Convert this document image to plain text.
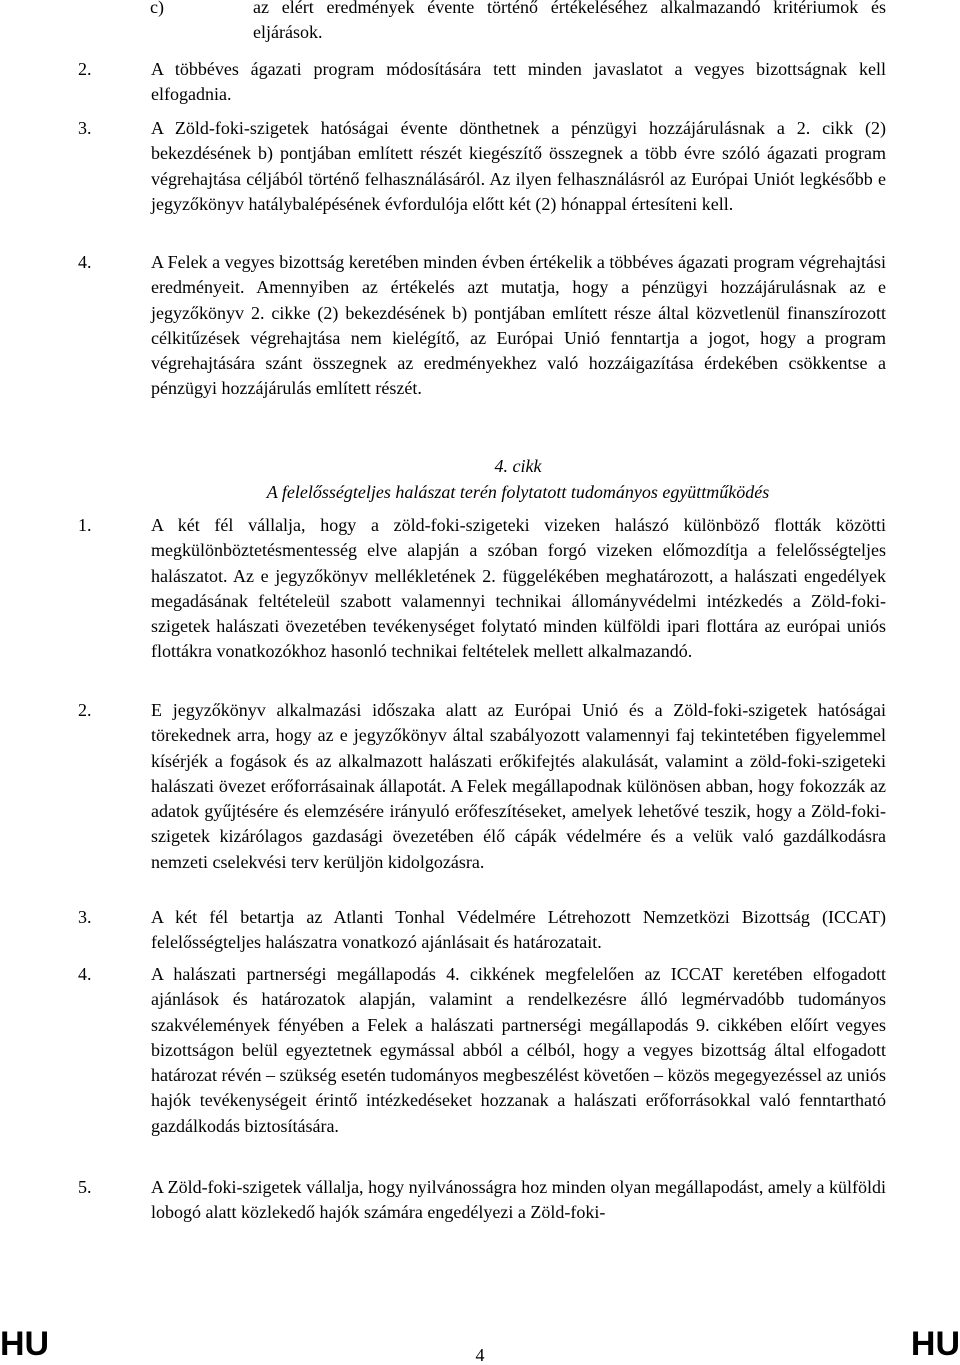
c)	az elért eredmények évente történő értékeléséhez alkalmazandó kritériumok és eljárások.
2.	A többéves ágazati program módosítására tett minden javaslatot a vegyes bizottságnak kell elfogadnia.
3.	A Zöld-foki-szigetek hatóságai évente dönthetnek a pénzügyi hozzájárulásnak a 2. cikk (2) bekezdésének b) pontjában említett részét kiegészítő összegnek a több évre szóló ágazati program végrehajtása céljából történő felhasználásáról. Az ilyen felhasználásról az Európai Uniót legkésőbb e jegyzőkönyv hatálybalépésének évfordulója előtt két (2) hónappal értesíteni kell.
4.	A Felek a vegyes bizottság keretében minden évben értékelik a többéves ágazati program végrehajtási eredményeit. Amennyiben az értékelés azt mutatja, hogy a pénzügyi hozzájárulásnak az e jegyzőkönyv 2. cikke (2) bekezdésének b) pontjában említett része által közvetlenül finanszírozott célkitűzések végrehajtása nem kielégítő, az Európai Unió fenntartja a jogot, hogy a program végrehajtására szánt összegnek az eredményekhez való hozzáigazítása érdekében csökkentse a pénzügyi hozzájárulás említett részét.
4. cikk
A felelősségteljes halászat terén folytatott tudományos együttműködés
1.	A két fél vállalja, hogy a zöld-foki-szigeteki vizeken halászó különböző flották közötti megkülönböztetésmentesség elve alapján a szóban forgó vizeken előmozdítja a felelősségteljes halászatot. Az e jegyzőkönyv mellékletének 2. függelékében meghatározott, a halászati engedélyek megadásának feltételeül szabott valamennyi technikai állományvédelmi intézkedés a Zöld-foki-szigetek halászati övezetében tevékenységet folytató minden külföldi ipari flottára az európai uniós flottákra vonatkozókhoz hasonló technikai feltételek mellett alkalmazandó.
2.	E jegyzőkönyv alkalmazási időszaka alatt az Európai Unió és a Zöld-foki-szigetek hatóságai törekednek arra, hogy az e jegyzőkönyv által szabályozott valamennyi faj tekintetében figyelemmel kísérjék a fogások és az alkalmazott halászati erőkifejtés alakulását, valamint a zöld-foki-szigeteki halászati övezet erőforrásainak állapotát. A Felek megállapodnak különösen abban, hogy fokozzák az adatok gyűjtésére és elemzésére irányuló erőfeszítéseket, amelyek lehetővé teszik, hogy a Zöld-foki-szigetek kizárólagos gazdasági övezetében élő cápák védelmére és a velük való gazdálkodásra nemzeti cselekvési terv kerüljön kidolgozásra.
3.	A két fél betartja az Atlanti Tonhal Védelmére Létrehozott Nemzetközi Bizottság (ICCAT) felelősségteljes halászatra vonatkozó ajánlásait és határozatait.
4.	A halászati partnerségi megállapodás 4. cikkének megfelelően az ICCAT keretében elfogadott ajánlások és határozatok alapján, valamint a rendelkezésre álló legmérvadóbb tudományos szakvélemények fényében a Felek a halászati partnerségi megállapodás 9. cikkében előírt vegyes bizottságon belül egyeztetnek egymással abból a célból, hogy a vegyes bizottság által elfogadott határozat révén – szükség esetén tudományos megbeszélést követően – közös megegyezéssel az uniós hajók tevékenységeit érintő intézkedéseket hozzanak a halászati erőforrásokkal való fenntartható gazdálkodás biztosítására.
5.	A Zöld-foki-szigetek vállalja, hogy nyilvánosságra hoz minden olyan megállapodást, amely a külföldi lobogó alatt közlekedő hajók számára engedélyezi a Zöld-foki-
HU	4	HU
